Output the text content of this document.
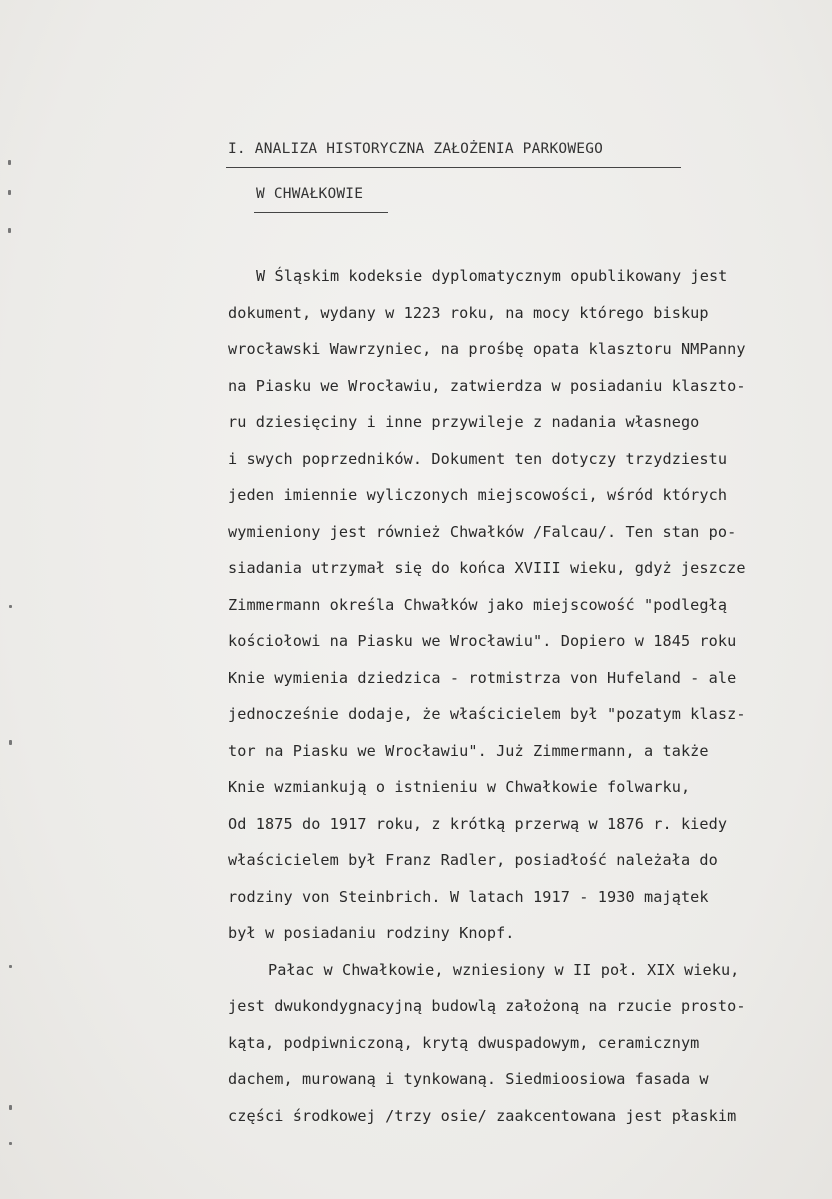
I. ANALIZA HISTORYCZNA ZAŁOŻENIA PARKOWEGO
W CHWAŁKOWIE
W Śląskim kodeksie dyplomatycznym opublikowany jest
dokument, wydany w 1223 roku, na mocy którego biskup
wrocławski Wawrzyniec, na prośbę opata klasztoru NMPanny
na Piasku we Wrocławiu, zatwierdza w posiadaniu klaszto-
ru dziesięciny i inne przywileje z nadania własnego
i swych poprzedników. Dokument ten dotyczy trzydziestu
jeden imiennie wyliczonych miejscowości, wśród których
wymieniony jest również Chwałków /Falcau/. Ten stan po-
siadania utrzymał się do końca XVIII wieku, gdyż jeszcze
Zimmermann określa Chwałków jako miejscowość "podległą
kościołowi na Piasku we Wrocławiu". Dopiero w 1845 roku
Knie wymienia dziedzica - rotmistrza von Hufeland - ale
jednocześnie dodaje, że właścicielem był "pozatym klasz-
tor na Piasku we Wrocławiu". Już Zimmermann, a także
Knie wzmiankują o istnieniu w Chwałkowie folwarku,
Od 1875 do 1917 roku, z krótką przerwą w 1876 r. kiedy
właścicielem był Franz Radler, posiadłość należała do
rodziny von Steinbrich. W latach 1917 - 1930 majątek
był w posiadaniu rodziny Knopf.
Pałac w Chwałkowie, wzniesiony w II poł. XIX wieku,
jest dwukondygnacyjną budowlą założoną na rzucie prosto-
kąta, podpiwniczoną, krytą dwuspadowym, ceramicznym
dachem, murowaną i tynkowaną. Siedmioosiowa fasada w
części środkowej /trzy osie/ zaakcentowana jest płaskim
